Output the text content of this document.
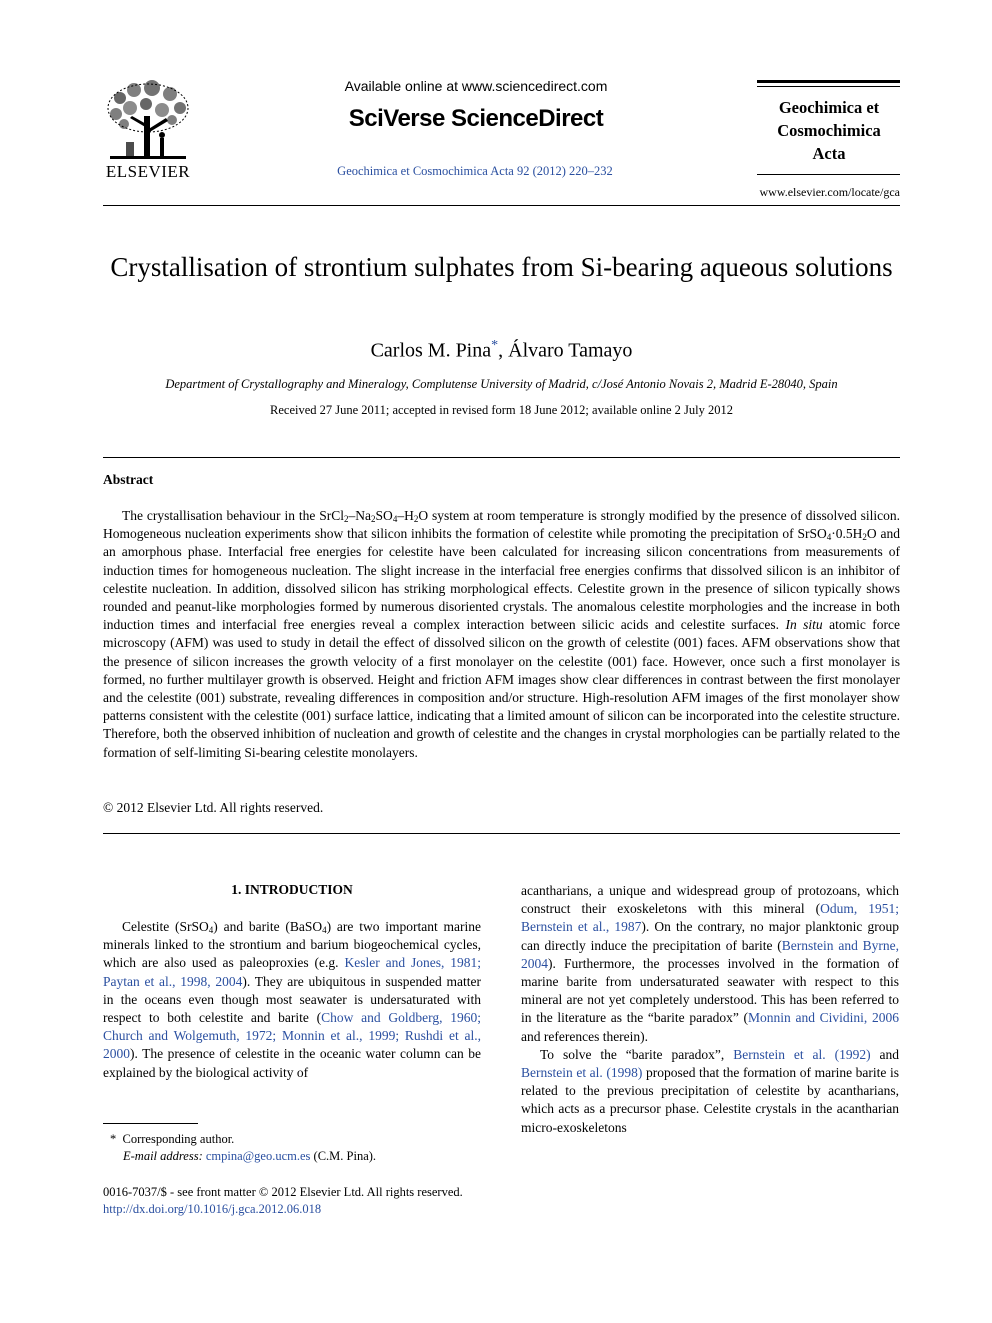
ELSEVIER
Available online at www.sciencedirect.com
SciVerse ScienceDirect
Geochimica et Cosmochimica Acta 92 (2012) 220–232
Geochimica et
Cosmochimica
Acta
www.elsevier.com/locate/gca
Crystallisation of strontium sulphates from Si-bearing aqueous solutions
Carlos M. Pina*, Álvaro Tamayo
Department of Crystallography and Mineralogy, Complutense University of Madrid, c/José Antonio Novais 2, Madrid E-28040, Spain
Received 27 June 2011; accepted in revised form 18 June 2012; available online 2 July 2012
Abstract

The crystallisation behaviour in the $SrCl_2-Na_2SO_4-H_2O$ system at room temperature is strongly modified by the presence of dissolved silicon. Homogeneous nucleation experiments show that silicon inhibits the formation of celestite while promoting the precipitation of $SrSO_4\cdot 0.5H_2O$ and an amorphous phase. Interfacial free energies for celestite have been calculated for increasing silicon concentrations from measurements of induction times for homogeneous nucleation. The slight increase in the interfacial free energies confirms that dissolved silicon is an inhibitor of celestite nucleation. In addition, dissolved silicon has striking morphological effects. Celestite grown in the presence of silicon typically shows rounded and peanut-like morphologies formed by numerous disoriented crystals. The anomalous celestite morphologies and the increase in both induction times and interfacial free energies reveal a complex interaction between silicic acids and celestite surfaces. In situ atomic force microscopy (AFM) was used to study in detail the effect of dissolved silicon on the growth of celestite (001) faces. AFM observations show that the presence of silicon increases the growth velocity of a first monolayer on the celestite (001) face. However, once such a first monolayer is formed, no further multilayer growth is observed. Height and friction AFM images show clear differences in contrast between the first monolayer and the celestite (001) substrate, revealing differences in composition and/or structure. High-resolution AFM images of the first monolayer show patterns consistent with the celestite (001) surface lattice, indicating that a limited amount of silicon can be incorporated into the celestite structure. Therefore, both the observed inhibition of nucleation and growth of celestite and the changes in crystal morphologies can be partially related to the formation of self-limiting Si-bearing celestite monolayers.

© 2012 Elsevier Ltd. All rights reserved.
1. INTRODUCTION

Celestite (SrSO$_4$) and barite (BaSO$_4$) are two important marine minerals linked to the strontium and barium biogeochemical cycles, which are also used as paleoproxies (e.g. Kesler and Jones, 1981; Paytan et al., 1998, 2004). They are ubiquitous in suspended matter in the oceans even though most seawater is undersaturated with respect to both celestite and barite (Chow and Goldberg, 1960; Church and Wolgemuth, 1972; Monnin et al., 1999; Rushdi et al., 2000). The presence of celestite in the oceanic water column can be explained by the biological activity of

acantharians, a unique and widespread group of protozoans, which construct their exoskeletons with this mineral (Odum, 1951; Bernstein et al., 1987). On the contrary, no major planktonic group can directly induce the precipitation of barite (Bernstein and Byrne, 2004). Furthermore, the processes involved in the formation of marine barite from undersaturated seawater with respect to this mineral are not yet completely understood. This has been referred to in the literature as the “barite paradox” (Monnin and Cividini, 2006 and references therein).

To solve the “barite paradox”, Bernstein et al. (1992) and Bernstein et al. (1998) proposed that the formation of marine barite is related to the previous precipitation of celestite by acantharians, which acts as a precursor phase. Celestite crystals in the acantharian micro-exoskeletons

* Corresponding author.
E-mail address: cmpina@geo.ucm.es (C.M. Pina).
0016-7037/$ - see front matter © 2012 Elsevier Ltd. All rights reserved.
http://dx.doi.org/10.1016/j.gca.2012.06.018
